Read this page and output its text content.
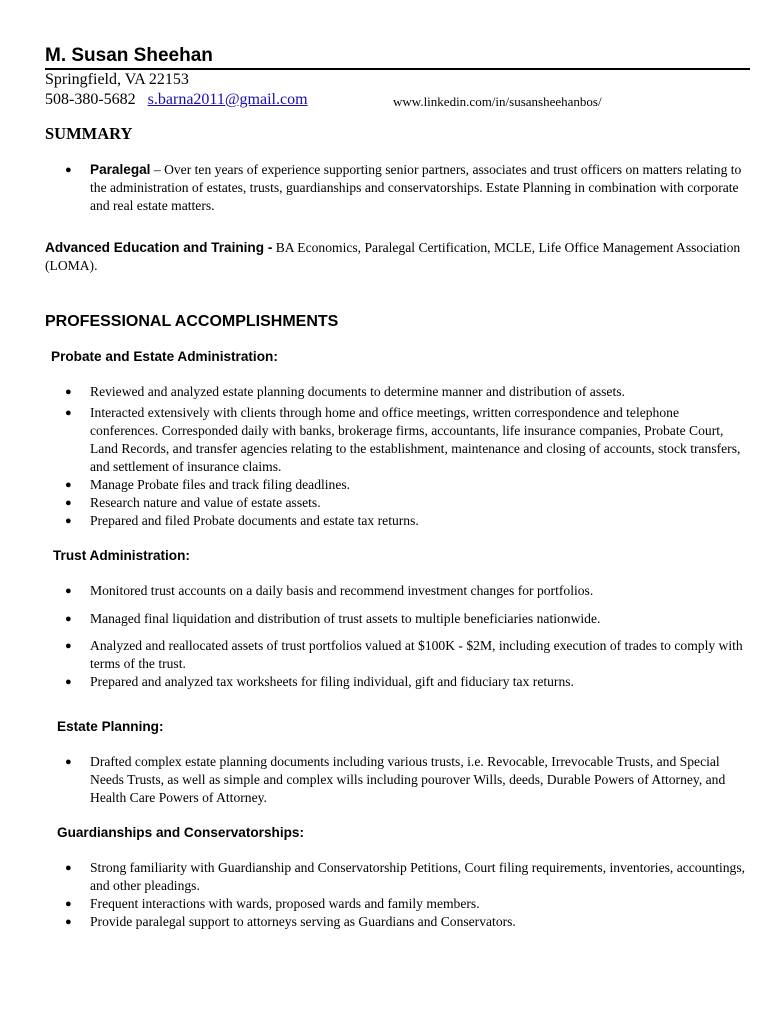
M. Susan Sheehan
Springfield, VA 22153
508-380-5682 s.barna2011@gmail.com	www.linkedin.com/in/susansheehanbos/
SUMMARY
● Paralegal – Over ten years of experience supporting senior partners, associates and trust officers on matters relating to the administration of estates, trusts, guardianships and conservatorships. Estate Planning in combination with corporate and real estate matters.
Advanced Education and Training - BA Economics, Paralegal Certification, MCLE, Life Office Management Association (LOMA).
PROFESSIONAL ACCOMPLISHMENTS
Probate and Estate Administration:
● Reviewed and analyzed estate planning documents to determine manner and distribution of assets.
● Interacted extensively with clients through home and office meetings, written correspondence and telephone conferences. Corresponded daily with banks, brokerage firms, accountants, life insurance companies, Probate Court, Land Records, and transfer agencies relating to the establishment, maintenance and closing of accounts, stock transfers, and settlement of insurance claims.
● Manage Probate files and track filing deadlines.
● Research nature and value of estate assets.
● Prepared and filed Probate documents and estate tax returns.
Trust Administration:
● Monitored trust accounts on a daily basis and recommend investment changes for portfolios.
● Managed final liquidation and distribution of trust assets to multiple beneficiaries nationwide.
● Analyzed and reallocated assets of trust portfolios valued at $100K - $2M, including execution of trades to comply with terms of the trust.
● Prepared and analyzed tax worksheets for filing individual, gift and fiduciary tax returns.
Estate Planning:
● Drafted complex estate planning documents including various trusts, i.e. Revocable, Irrevocable Trusts, and Special Needs Trusts, as well as simple and complex wills including pourover Wills, deeds, Durable Powers of Attorney, and Health Care Powers of Attorney.
Guardianships and Conservatorships:
● Strong familiarity with Guardianship and Conservatorship Petitions, Court filing requirements, inventories, accountings, and other pleadings.
● Frequent interactions with wards, proposed wards and family members.
● Provide paralegal support to attorneys serving as Guardians and Conservators.
